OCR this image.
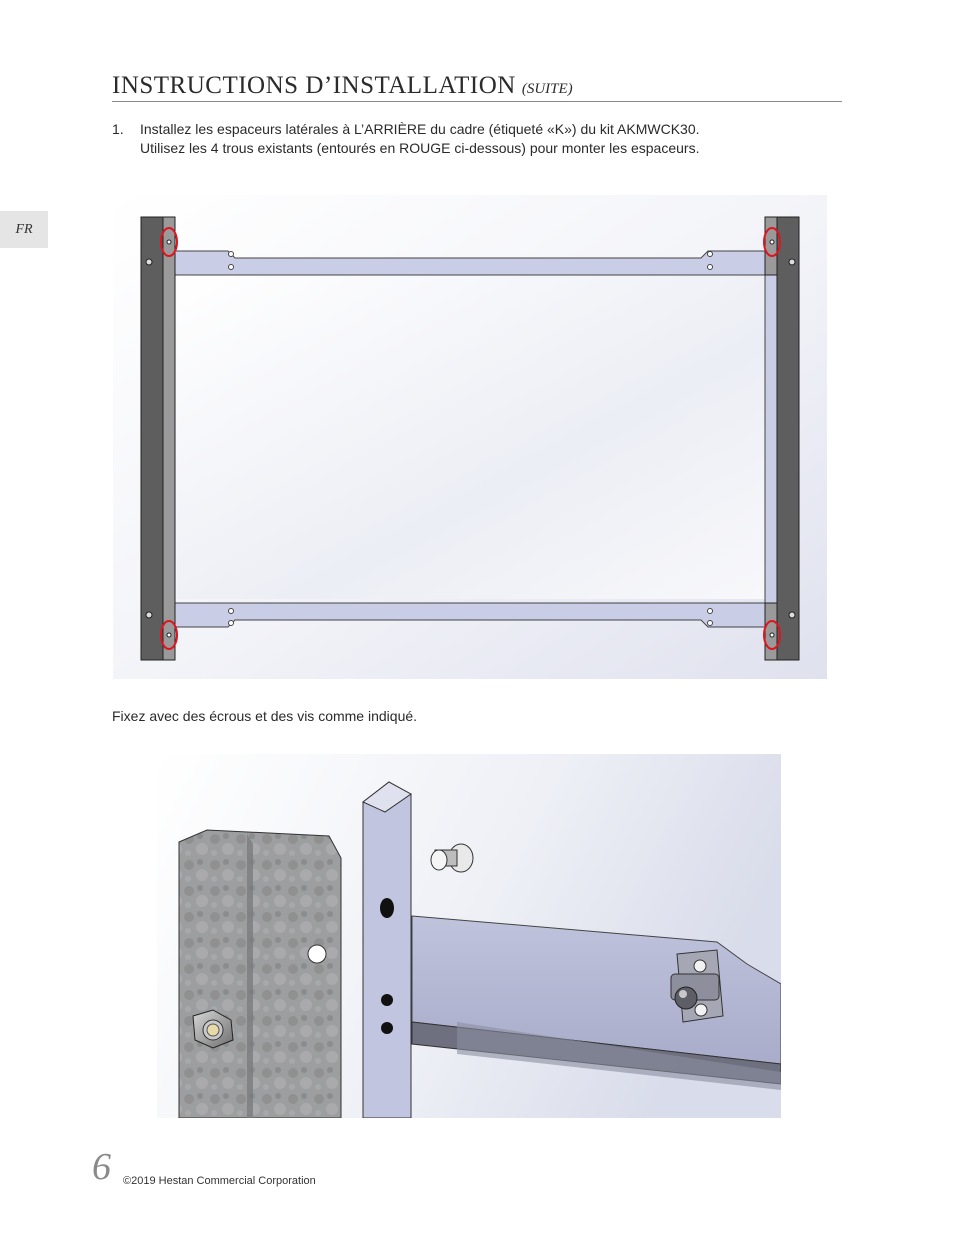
INSTRUCTIONS D’INSTALLATION (SUITE)
FR
1. Installez les espaceurs latérales à L’ARRIÈRE du cadre (étiqueté «K») du kit AKMWCK30.
Utilisez les 4 trous existants (entourés en ROUGE ci-dessous) pour monter les espaceurs.
Fixez avec des écrous et des vis comme indiqué.
6 ©2019 Hestan Commercial Corporation
